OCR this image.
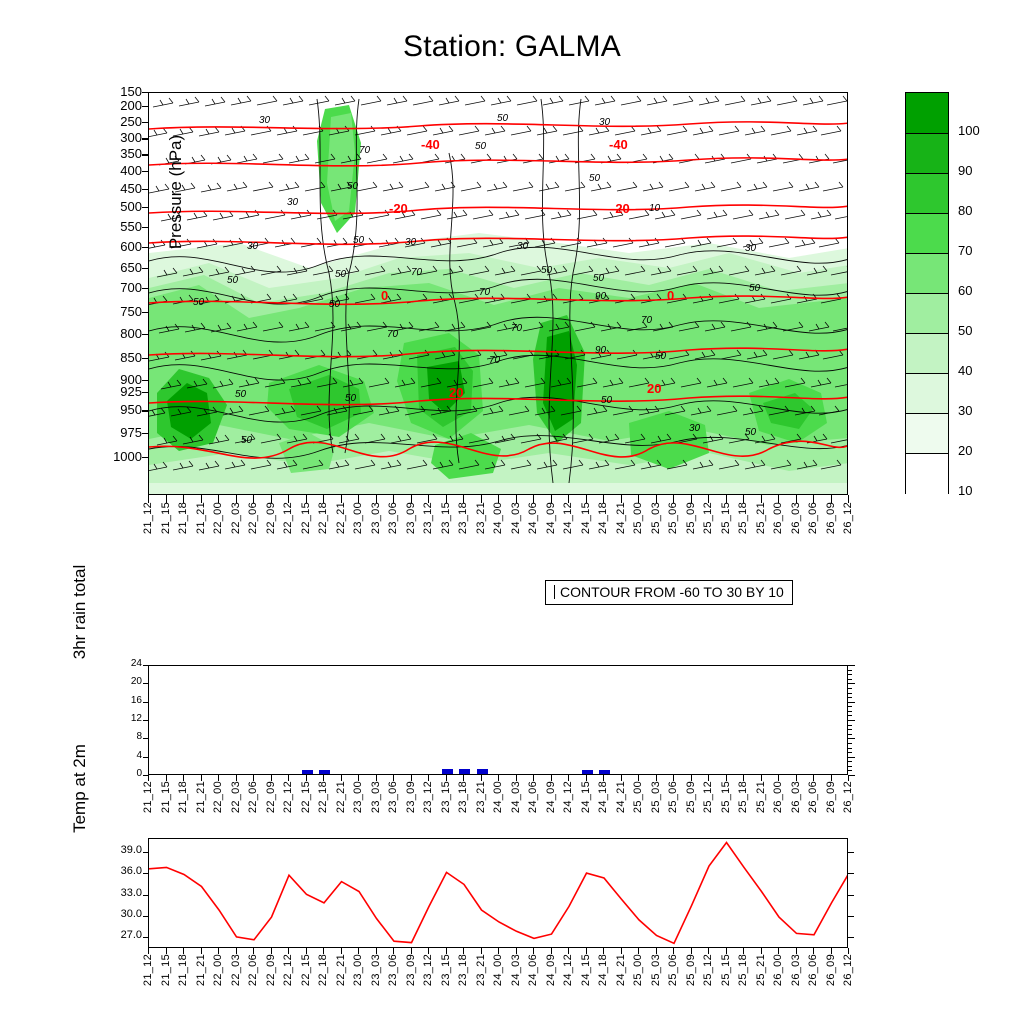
Station: GALMA
-40	-40
-20	-20
0	0
20	20
30	50	30
70	50
50
50
30
10
30
50	30	30	30
50
50	70	50
50
50
50	50
70	90
70
70
70
70
90
50
50	50
50
30	50
50
Pressure (hPa)
150
200
250
300
350
400
450
500
550
600
650
700
750
800
850
900
925
950
975
1000
21_12 21_15 21_18 21_21 22_00 22_03 22_06 22_09 22_12 22_15 22_18 22_21 23_00 23_03 23_06 23_09 23_12 23_15 23_18 23_21 24_00 24_03 24_06 24_09 24_12 24_15 24_18 24_21 25_00 25_03 25_06 25_09 25_12 25_15 25_18 25_21 26_00 26_03 26_06 26_09 26_12
CONTOUR FROM -60 TO 30 BY 10
100
90
80
70
60
50
40
30
20
10
3hr rain total
24
20
16
12
8
4
0
21_12 21_15 21_18 21_21 22_00 22_03 22_06 22_09 22_12 22_15 22_18 22_21 23_00 23_03 23_06 23_09 23_12 23_15 23_18 23_21 24_00 24_03 24_06 24_09 24_12 24_15 24_18 24_21 25_00 25_03 25_06 25_09 25_12 25_15 25_18 25_21 26_00 26_03 26_06 26_09 26_12
Temp at 2m
39.0
36.0
33.0
30.0
27.0
21_12 21_15 21_18 21_21 22_00 22_03 22_06 22_09 22_12 22_15 22_18 22_21 23_00 23_03 23_06 23_09 23_12 23_15 23_18 23_21 24_00 24_03 24_06 24_09 24_12 24_15 24_18 24_21 25_00 25_03 25_06 25_09 25_12 25_15 25_18 25_21 26_00 26_03 26_06 26_09 26_12
